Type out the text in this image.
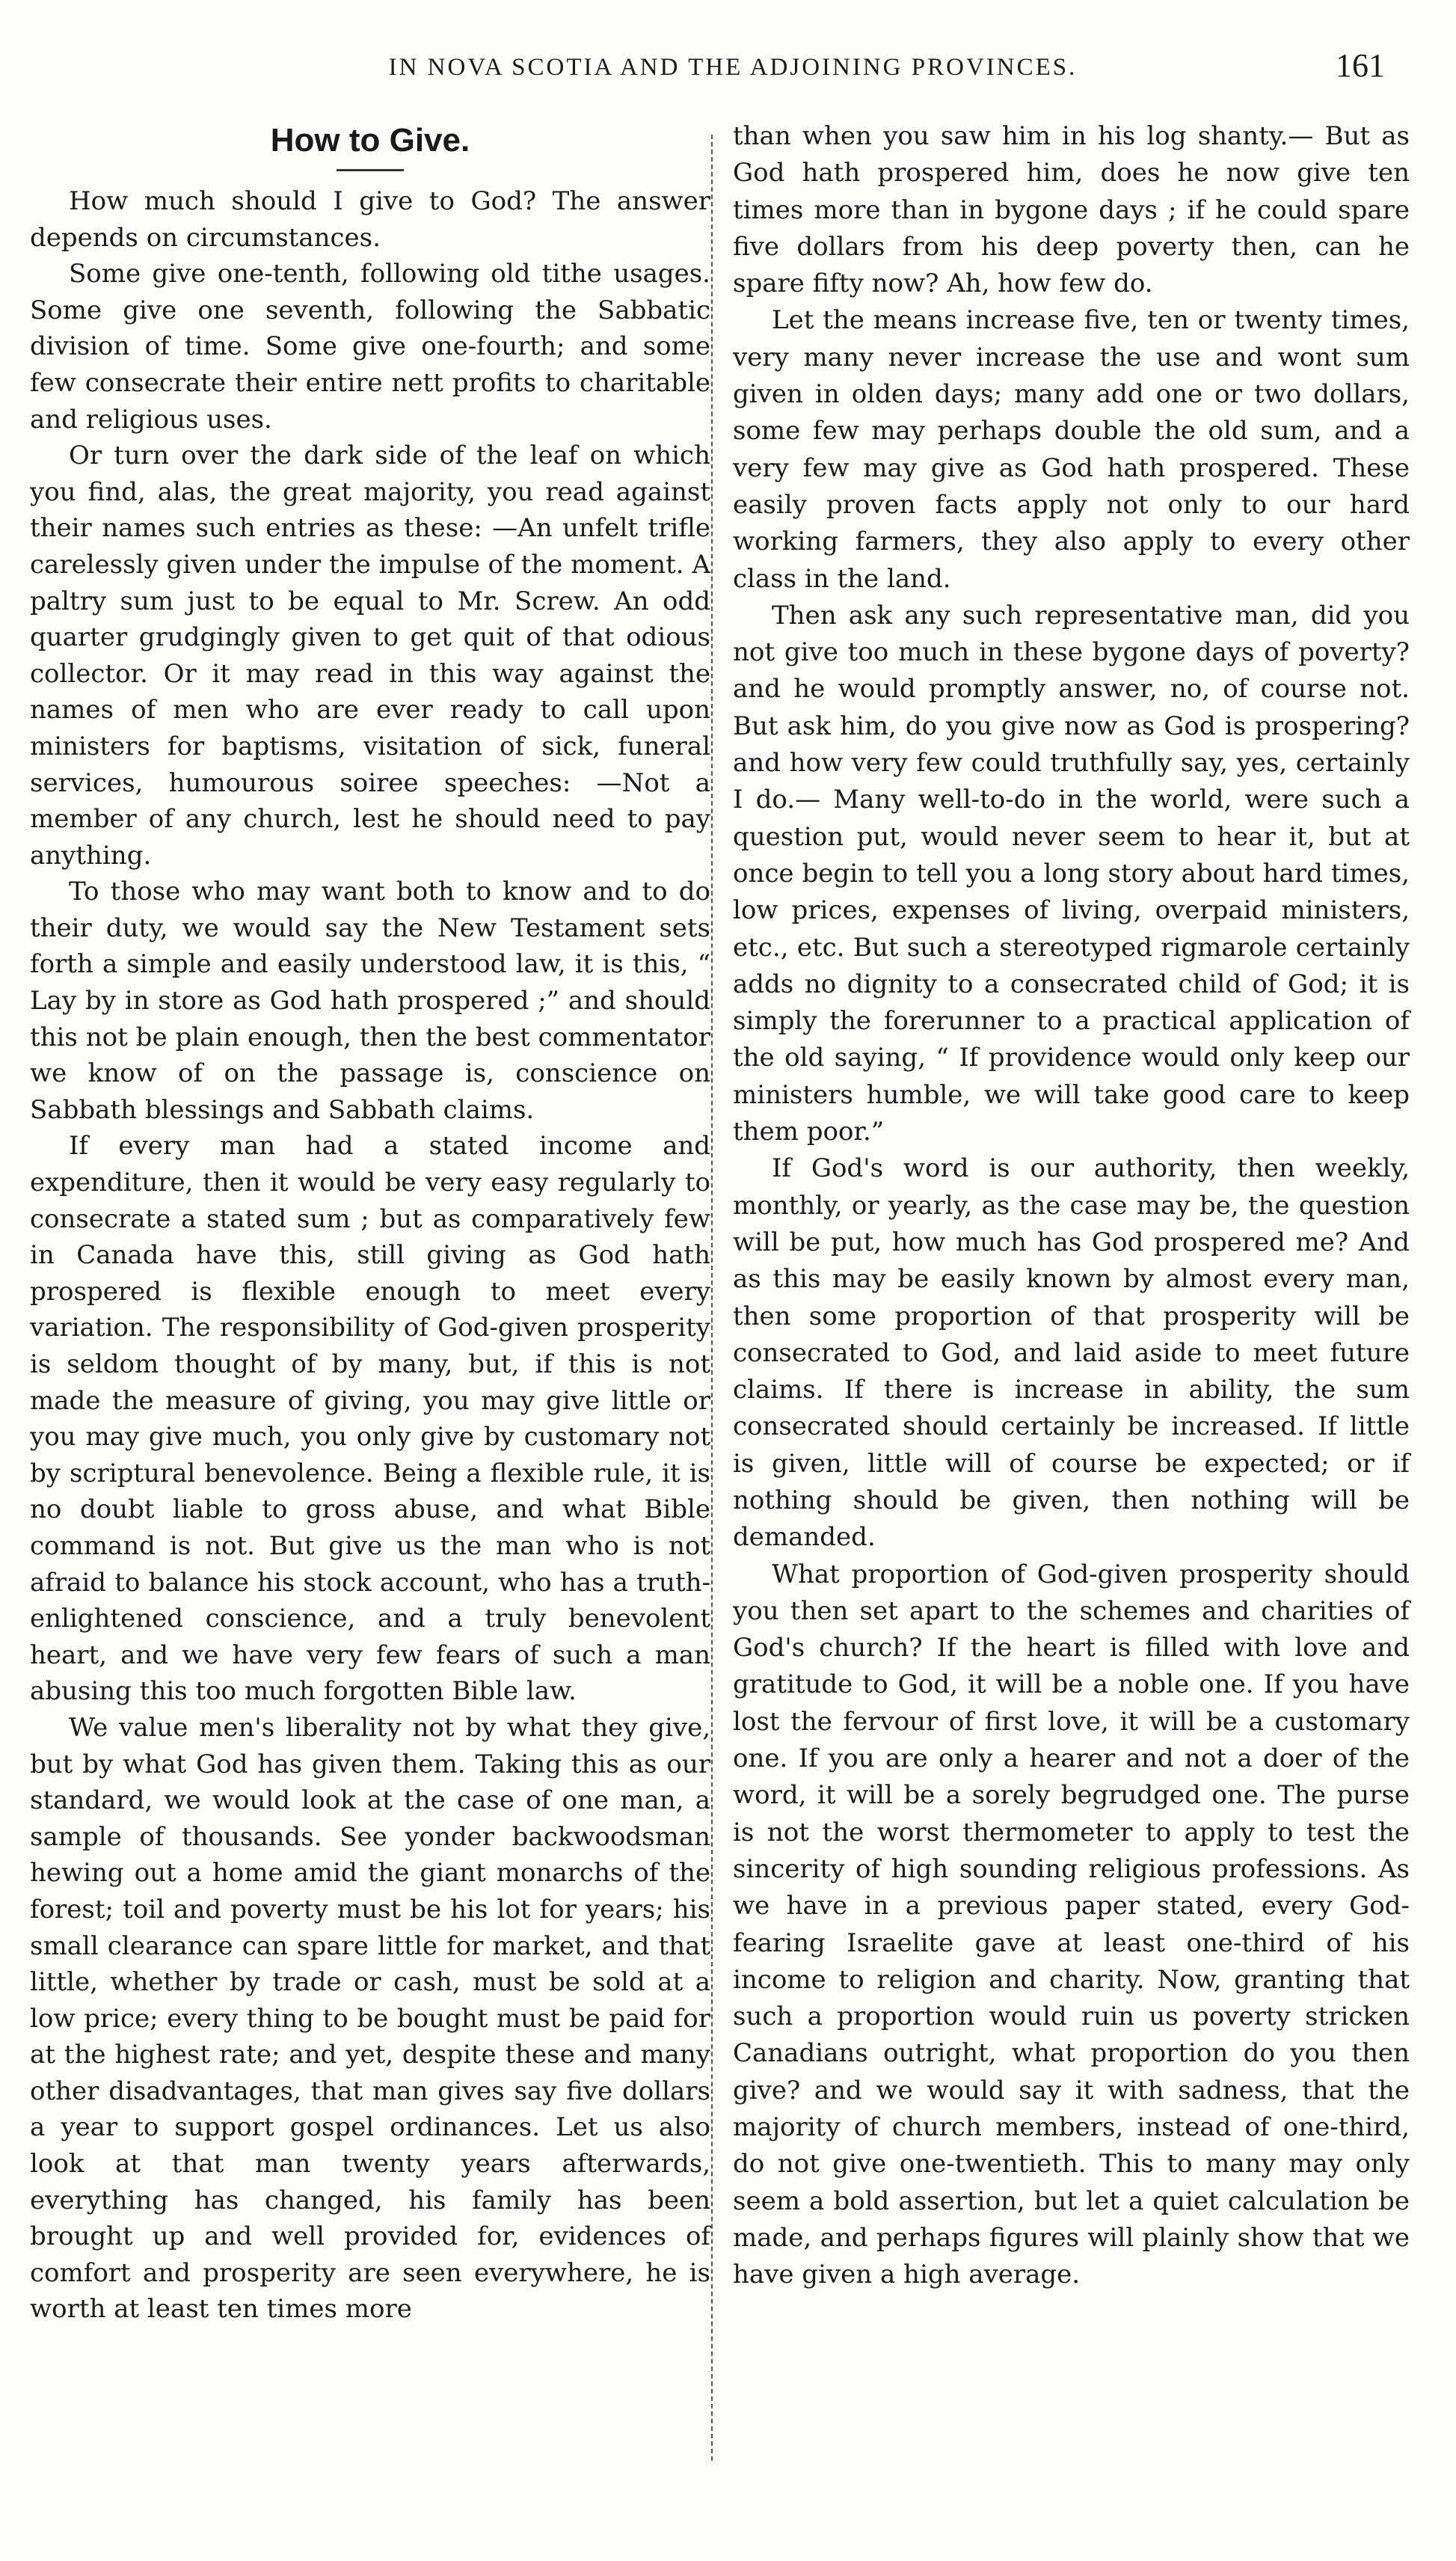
IN NOVA SCOTIA AND THE ADJOINING PROVINCES.	161
How to Give.

How much should I give to God? The answer depends on circumstances.

Some give one-tenth, following old tithe usages. Some give one seventh, following the Sabbatic division of time. Some give one-fourth; and some few consecrate their entire nett profits to charitable and religious uses.

Or turn over the dark side of the leaf on which you find, alas, the great majority, you read against their names such entries as these: —An unfelt trifle carelessly given under the impulse of the moment. A paltry sum just to be equal to Mr. Screw. An odd quarter grudgingly given to get quit of that odious collector. Or it may read in this way against the names of men who are ever ready to call upon ministers for baptisms, visitation of sick, funeral services, humourous soiree speeches: —Not a member of any church, lest he should need to pay anything.

To those who may want both to know and to do their duty, we would say the New Testament sets forth a simple and easily understood law, it is this, “ Lay by in store as God hath prospered ;” and should this not be plain enough, then the best commentator we know of on the passage is, conscience on Sabbath blessings and Sabbath claims.

If every man had a stated income and expenditure, then it would be very easy regularly to consecrate a stated sum ; but as comparatively few in Canada have this, still giving as God hath prospered is flexible enough to meet every variation. The responsibility of God-given prosperity is seldom thought of by many, but, if this is not made the measure of giving, you may give little or you may give much, you only give by customary not by scriptural benevolence. Being a flexible rule, it is no doubt liable to gross abuse, and what Bible command is not. But give us the man who is not afraid to balance his stock account, who has a truth-enlightened conscience, and a truly benevolent heart, and we have very few fears of such a man abusing this too much forgotten Bible law.

We value men's liberality not by what they give, but by what God has given them. Taking this as our standard, we would look at the case of one man, a sample of thousands. See yonder backwoodsman hewing out a home amid the giant monarchs of the forest; toil and poverty must be his lot for years; his small clearance can spare little for market, and that little, whether by trade or cash, must be sold at a low price; every thing to be bought must be paid for at the highest rate; and yet, despite these and many other disadvantages, that man gives say five dollars a year to support gospel ordinances. Let us also look at that man twenty years afterwards, everything has changed, his family has been brought up and well provided for, evidences of comfort and prosperity are seen everywhere, he is worth at least ten times more

than when you saw him in his log shanty.— But as God hath prospered him, does he now give ten times more than in bygone days ; if he could spare five dollars from his deep poverty then, can he spare fifty now? Ah, how few do.

Let the means increase five, ten or twenty times, very many never increase the use and wont sum given in olden days; many add one or two dollars, some few may perhaps double the old sum, and a very few may give as God hath prospered. These easily proven facts apply not only to our hard working farmers, they also apply to every other class in the land.

Then ask any such representative man, did you not give too much in these bygone days of poverty? and he would promptly answer, no, of course not. But ask him, do you give now as God is prospering? and how very few could truthfully say, yes, certainly I do.— Many well-to-do in the world, were such a question put, would never seem to hear it, but at once begin to tell you a long story about hard times, low prices, expenses of living, overpaid ministers, etc., etc. But such a stereotyped rigmarole certainly adds no dignity to a consecrated child of God; it is simply the forerunner to a practical application of the old saying, “ If providence would only keep our ministers humble, we will take good care to keep them poor.”

If God's word is our authority, then weekly, monthly, or yearly, as the case may be, the question will be put, how much has God prospered me? And as this may be easily known by almost every man, then some proportion of that prosperity will be consecrated to God, and laid aside to meet future claims. If there is increase in ability, the sum consecrated should certainly be increased. If little is given, little will of course be expected; or if nothing should be given, then nothing will be demanded.

What proportion of God-given prosperity should you then set apart to the schemes and charities of God's church? If the heart is filled with love and gratitude to God, it will be a noble one. If you have lost the fervour of first love, it will be a customary one. If you are only a hearer and not a doer of the word, it will be a sorely begrudged one. The purse is not the worst thermometer to apply to test the sincerity of high sounding religious professions. As we have in a previous paper stated, every God-fearing Israelite gave at least one-third of his income to religion and charity. Now, granting that such a proportion would ruin us poverty stricken Canadians outright, what proportion do you then give? and we would say it with sadness, that the majority of church members, instead of one-third, do not give one-twentieth. This to many may only seem a bold assertion, but let a quiet calculation be made, and perhaps figures will plainly show that we have given a high average.
